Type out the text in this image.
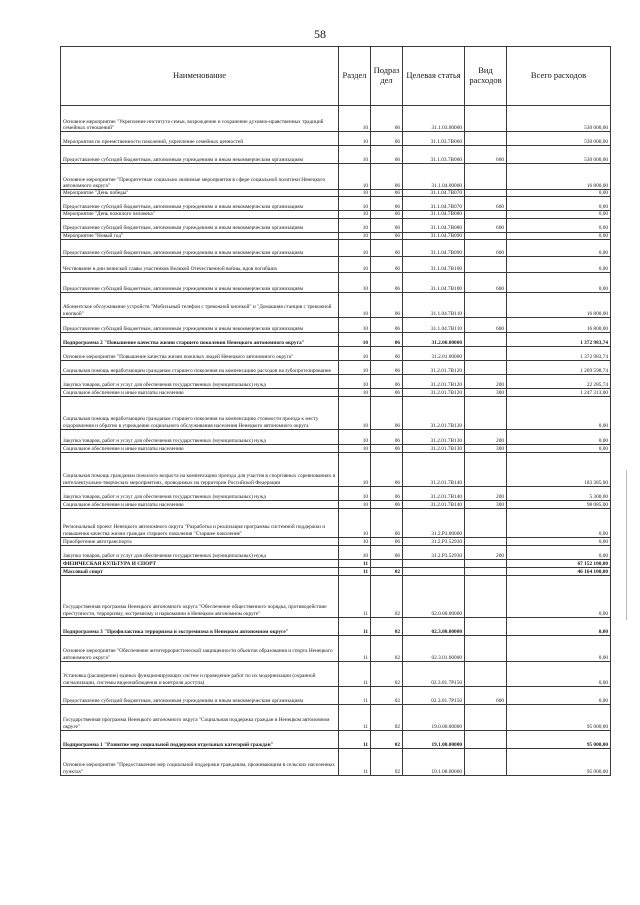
58
Наименование	Раздел	Подраз дел	Целевая статья	Вид расходов	Всего расходов
Основное мероприятие "Укрепление института семьи, возрождение и сохранение духовно-нравственных традиций семейных отношений"	10	06	31.1.03.00000		530 000,00
Мероприятия по преемственности поколений, укрепление семейных ценностей	10	06	31.1.03.7В060		530 000,00
Предоставление субсидий бюджетным, автономным учреждениям и иным некоммерческим организациям	10	06	31.1.03.7В060	600	530 000,00
Основное мероприятие "Приоритетные социально значимые мероприятия в сфере социальной политики Ненецкого автономного округа"	10	06	31.1.04.00000		16 800,00
Мероприятие "День победы"	10	06	31.1.04.7В070		0,00
Предоставление субсидий бюджетным, автономным учреждениям и иным некоммерческим организациям	10	06	31.1.04.7В070	600	0,00
Мероприятие "День пожилого человека"	10	06	31.1.04.7В080		0,00
Предоставление субсидий бюджетным, автономным учреждениям и иным некоммерческим организациям	10	06	31.1.04.7В080	600	0,00
Мероприятие "Новый год"	10	06	31.1.04.7В090		0,00
Предоставление субсидий бюджетным, автономным учреждениям и иным некоммерческим организациям	10	06	31.1.04.7В090	600	0,00
Чествование в дни воинской славы участников Великой Отечественной войны, вдов погибших	10	06	31.1.04.7В100		0,00
Предоставление субсидий бюджетным, автономным учреждениям и иным некоммерческим организациям	10	06	31.1.04.7В100	600	0,00
Абонентское обслуживание устройств "Мобильный телефон с тревожной кнопкой" и "Домашняя станция с тревожной кнопкой"	10	06	31.1.04.7В110		16 800,00
Предоставление субсидий бюджетным, автономным учреждениям и иным некоммерческим организациям	10	06	31.1.04.7В110	600	16 800,00
Подпрограмма 2 "Повышение качества жизни старшего поколения Ненецкого автономного округа"	10	06	31.2.00.00000		1 372 983,74
Основное мероприятие "Повышение качества жизни пожилых людей Ненецкого автономного округа"	10	06	31.2.01.00000		1 372 983,74
Социальная помощь неработающим гражданам старшего поколения на компенсацию расходов на зубопротезирование	10	06	31.2.01.7В120		1 269 598,74
Закупка товаров, работ и услуг для обеспечения государственных (муниципальных) нужд	10	06	31.2.01.7В120	200	22 285,74
Социальное обеспечение и иные выплаты населению	10	06	31.2.01.7В120	300	1 247 313,00
Социальная помощь неработающим гражданам старшего поколения на компенсацию стоимости проезда к месту оздоровления и обратно в учреждение социального обслуживания населения Ненецкого автономного округа	10	06	31.2.01.7В130		0,00
Закупка товаров, работ и услуг для обеспечения государственных (муниципальных) нужд	10	06	31.2.01.7В130	200	0,00
Социальное обеспечение и иные выплаты населению	10	06	31.2.01.7В130	300	0,00
Социальная помощь гражданам пожилого возраста на компенсацию проезда для участия в спортивных соревнованиях и интеллектуально-творческих мероприятиях, проводимых на территории Российской Федерации	10	06	31.2.01.7В140		103 385,00
Закупка товаров, работ и услуг для обеспечения государственных (муниципальных) нужд	10	06	31.2.01.7В140	200	5 300,00
Социальное обеспечение и иные выплаты населению	10	06	31.2.01.7В140	300	98 085,00
Региональный проект Ненецкого автономного округа "Разработка и реализация программы системной поддержки и повышения качества жизни граждан старшего поколения "Старшее поколение"	10	06	31.2.Р3.00000		0,00
Приобретение автотранспорта	10	06	31.2.Р3.52930		0,00
Закупка товаров, работ и услуг для обеспечения государственных (муниципальных) нужд	10	06	31.2.Р3.52930	200	0,00
ФИЗИЧЕСКАЯ КУЛЬТУРА И СПОРТ	11				67 152 100,00
Массовый спорт	11	02			46 164 100,00
Государственная программа Ненецкого автономного округа "Обеспечение общественного порядка, противодействие преступности, терроризму, экстремизму и наркомании в Ненецком автономном округе"	11	02	02.0.00.00000		0,00
Подпрограмма 3 "Профилактика терроризма и экстремизма в Ненецком автономном округе"	11	02	02.3.00.00000		0,00
Основное мероприятие "Обеспечение антитеррористической защищенности объектов образования и спорта Ненецкого автономного округа"	11	02	02.3.01.00000		0,00
Установка (расширение) единых функционирующих систем и проведение работ по их модернизации (охранной сигнализации, системы видеонаблюдения и контроля доступа)	11	02	02.3.01.7Р150		0,00
Предоставление субсидий бюджетным, автономным учреждениям и иным некоммерческим организациям	11	02	02.3.01.7Р150	600	0,00
Государственная программа Ненецкого автономного округа "Социальная поддержка граждан в Ненецком автономном округе"	11	02	19.0.00.00000		95 000,00
Подпрограмма 1 "Развитие мер социальной поддержки отдельных категорий граждан"	11	02	19.1.00.00000		95 000,00
Основное мероприятие "Предоставление мер социальной поддержки гражданам, проживающим в сельских населенных пунктах"	11	02	19.1.08.00000		95 000,00
